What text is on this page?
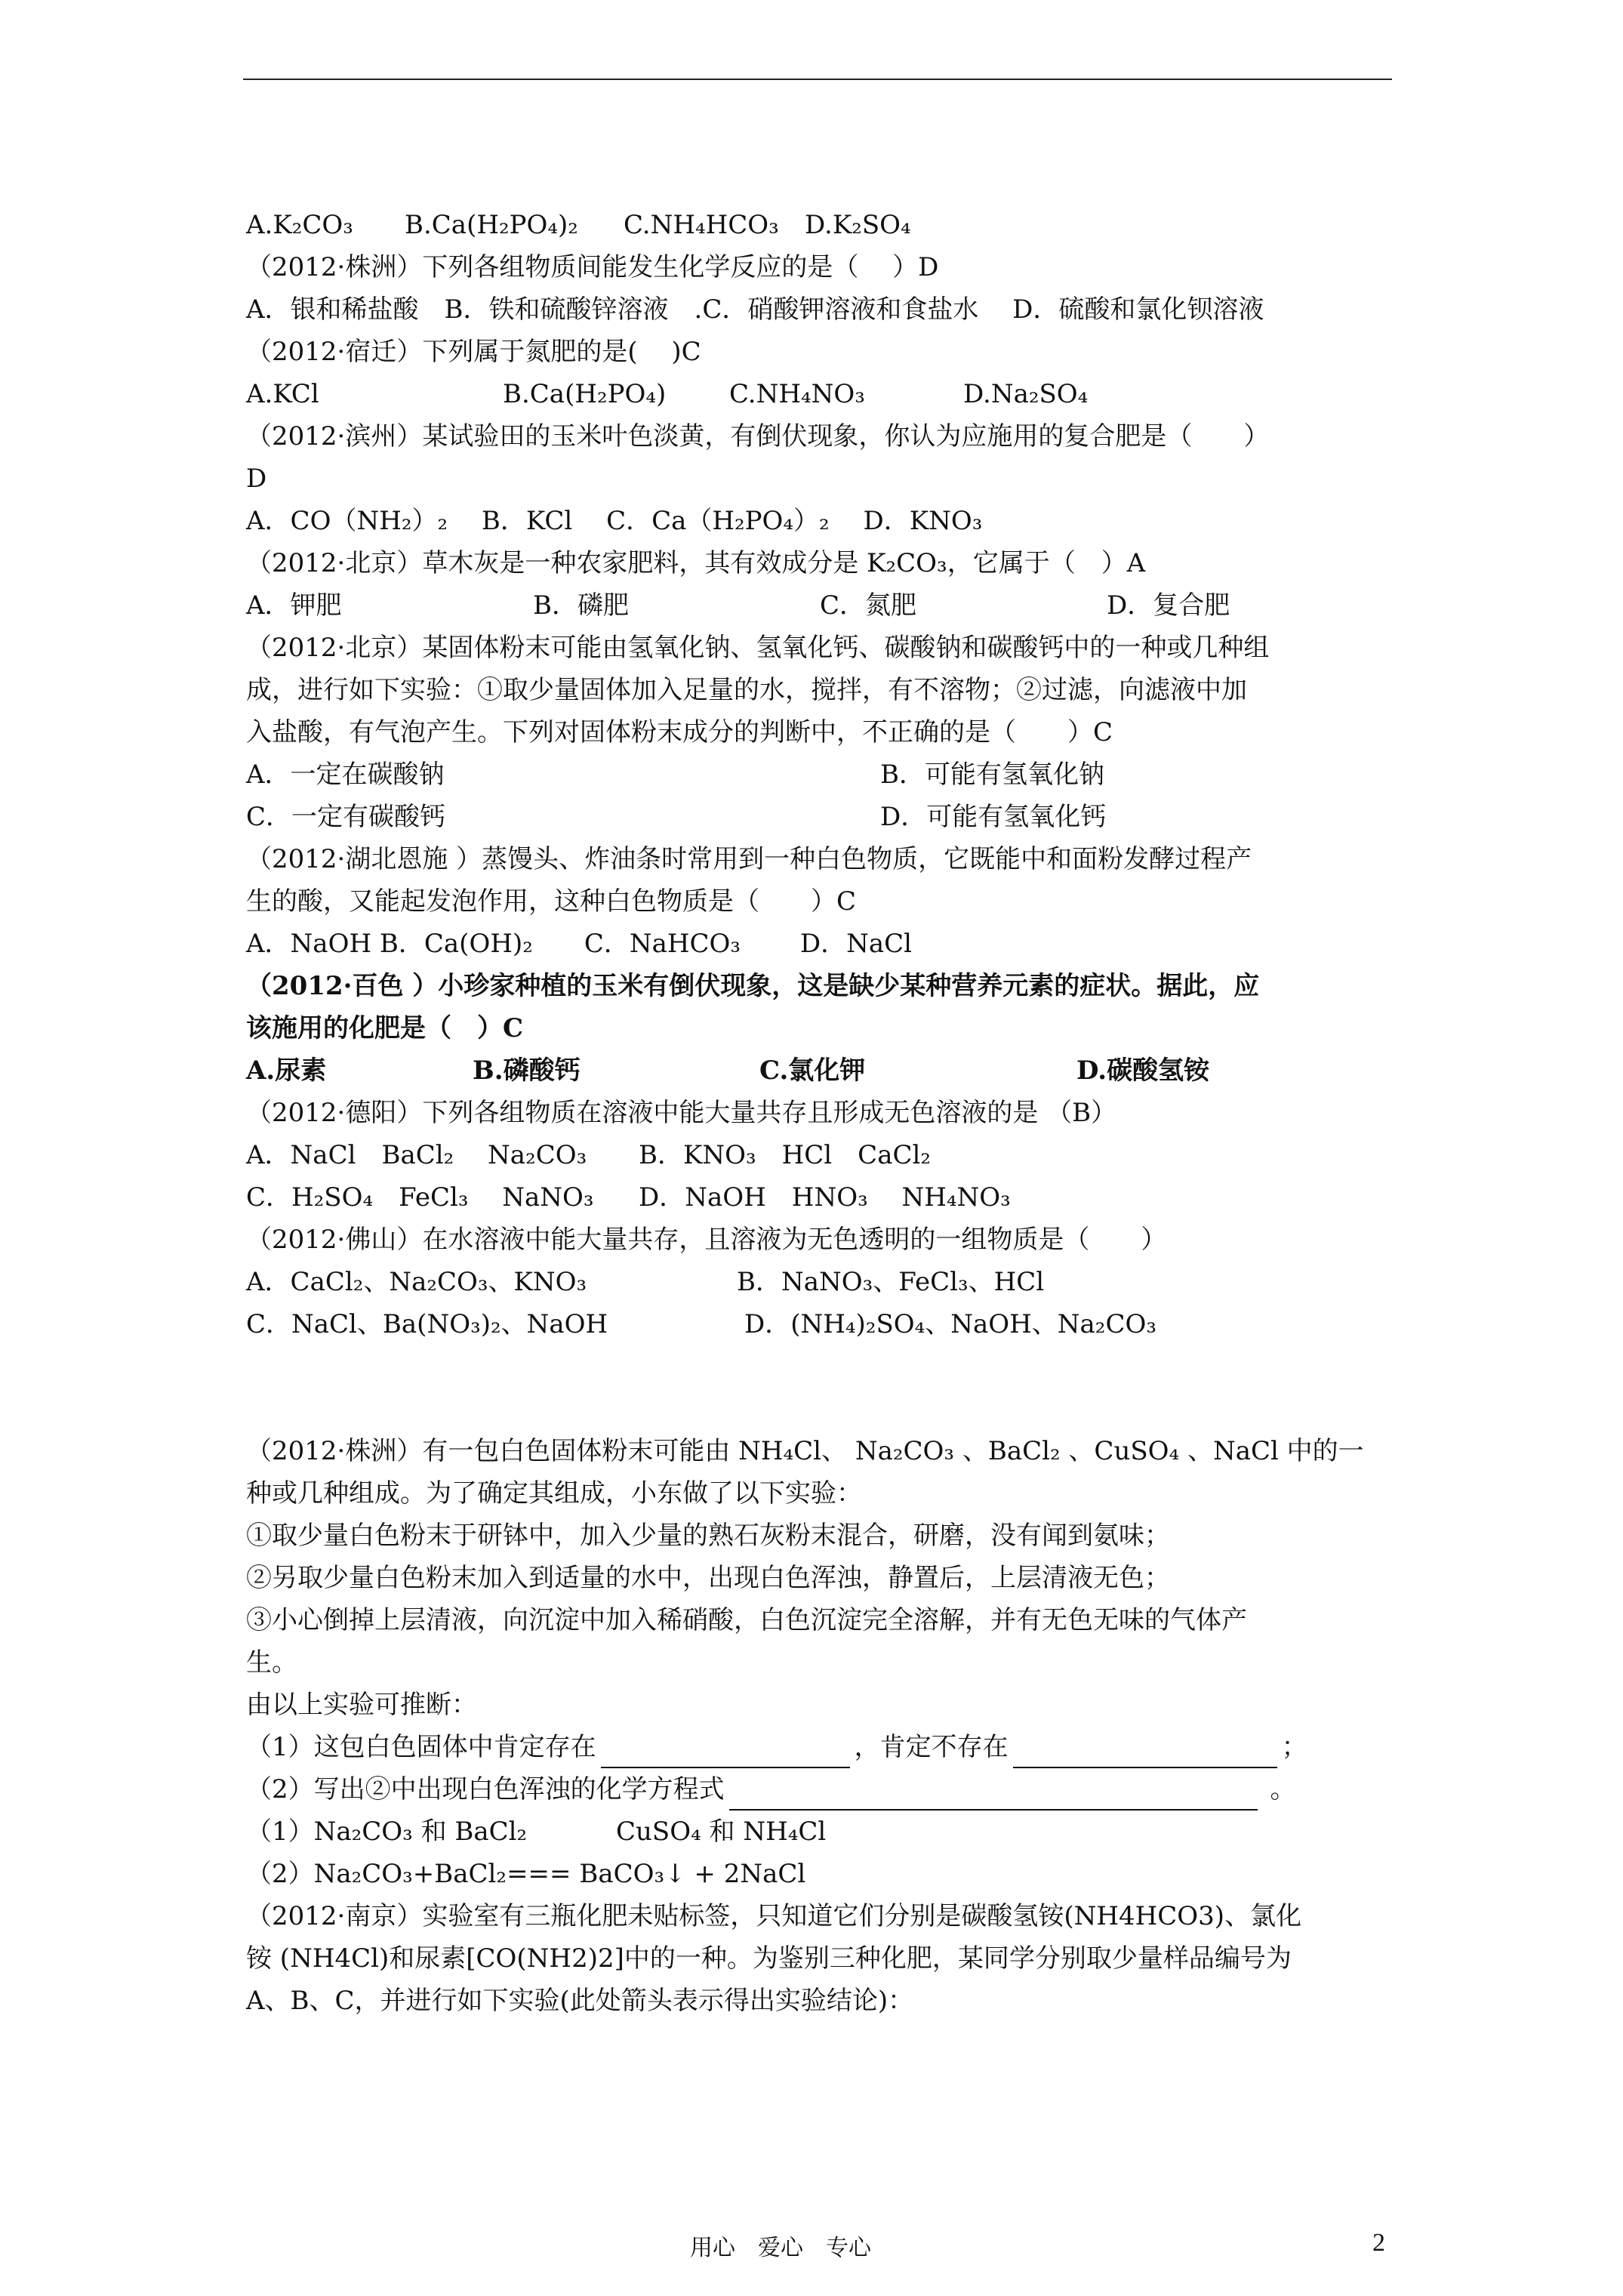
A.K₂CO₃ B.Ca(H₂PO₄)₂ C.NH₄HCO₃ D.K₂SO₄
（2012·株洲）下列各组物质间能发生化学反应的是（　 ）D
A．银和稀盐酸　B．铁和硫酸锌溶液　.C．硝酸钾溶液和食盐水　 D．硫酸和氯化钡溶液
（2012·宿迁）下列属于氮肥的是(　 )C
A.KCl	B.Ca(H₂PO₄) C.NH₄NO₃	D.Na₂SO₄
（2012·滨州）某试验田的玉米叶色淡黄，有倒伏现象，你认为应施用的复合肥是（　　）
D
A．CO（NH₂）₂　 B．KCl　 C．Ca（H₂PO₄）₂　 D．KNO₃
（2012·北京）草木灰是一种农家肥料，其有效成分是 K₂CO₃，它属于（　）A
A．钾肥	B．磷肥	C．氮肥	D．复合肥
（2012·北京）某固体粉末可能由氢氧化钠、氢氧化钙、碳酸钠和碳酸钙中的一种或几种组
成，进行如下实验：①取少量固体加入足量的水，搅拌，有不溶物；②过滤，向滤液中加
入盐酸，有气泡产生。下列对固体粉末成分的判断中，不正确的是（　　）C
A．一定在碳酸钠	B．可能有氢氧化钠
C．一定有碳酸钙	D．可能有氢氧化钙
（2012·湖北恩施 ）蒸馒头、炸油条时常用到一种白色物质，它既能中和面粉发酵过程产
生的酸，又能起发泡作用，这种白色物质是（　　）C
A．NaOH B．Ca(OH)₂　　C．NaHCO₃　　 D．NaCl
（2012·百色 ）小珍家种植的玉米有倒伏现象，这是缺少某种营养元素的症状。据此，应
该施用的化肥是（　）C
A.尿素	B.磷酸钙	C.氯化钾	D.碳酸氢铵
（2012·德阳）下列各组物质在溶液中能大量共存且形成无色溶液的是 （B）
A．NaCl　BaCl₂　 Na₂CO₃ B．KNO₃　HCl　CaCl₂
C．H₂SO₄　FeCl₃　 NaNO₃ D．NaOH　HNO₃　 NH₄NO₃
（2012·佛山）在水溶液中能大量共存，且溶液为无色透明的一组物质是（　　）
A．CaCl₂、Na₂CO₃、KNO₃	B．NaNO₃、FeCl₃、HCl
C．NaCl、Ba(NO₃)₂、NaOH	D．(NH₄)₂SO₄、NaOH、Na₂CO₃
（2012·株洲）有一包白色固体粉末可能由 NH₄Cl、 Na₂CO₃ 、BaCl₂ 、CuSO₄ 、NaCl 中的一
种或几种组成。为了确定其组成，小东做了以下实验：
①取少量白色粉末于研钵中，加入少量的熟石灰粉末混合，研磨，没有闻到氨味；
②另取少量白色粉末加入到适量的水中，出现白色浑浊，静置后，上层清液无色；
③小心倒掉上层清液，向沉淀中加入稀硝酸，白色沉淀完全溶解，并有无色无味的气体产
生。
由以上实验可推断：
（1）这包白色固体中肯定存在	，肯定不存在	；
（2）写出②中出现白色浑浊的化学方程式	。
（1）Na₂CO₃ 和 BaCl₂	CuSO₄ 和 NH₄Cl
（2）Na₂CO₃+BaCl₂=== BaCO₃↓ + 2NaCl
（2012·南京）实验室有三瓶化肥未贴标签，只知道它们分别是碳酸氢铵(NH4HCO3)、氯化
铵 (NH4Cl)和尿素[CO(NH2)2]中的一种。为鉴别三种化肥，某同学分别取少量样品编号为
A、B、C，并进行如下实验(此处箭头表示得出实验结论)：
用心　爱心　专心	2
